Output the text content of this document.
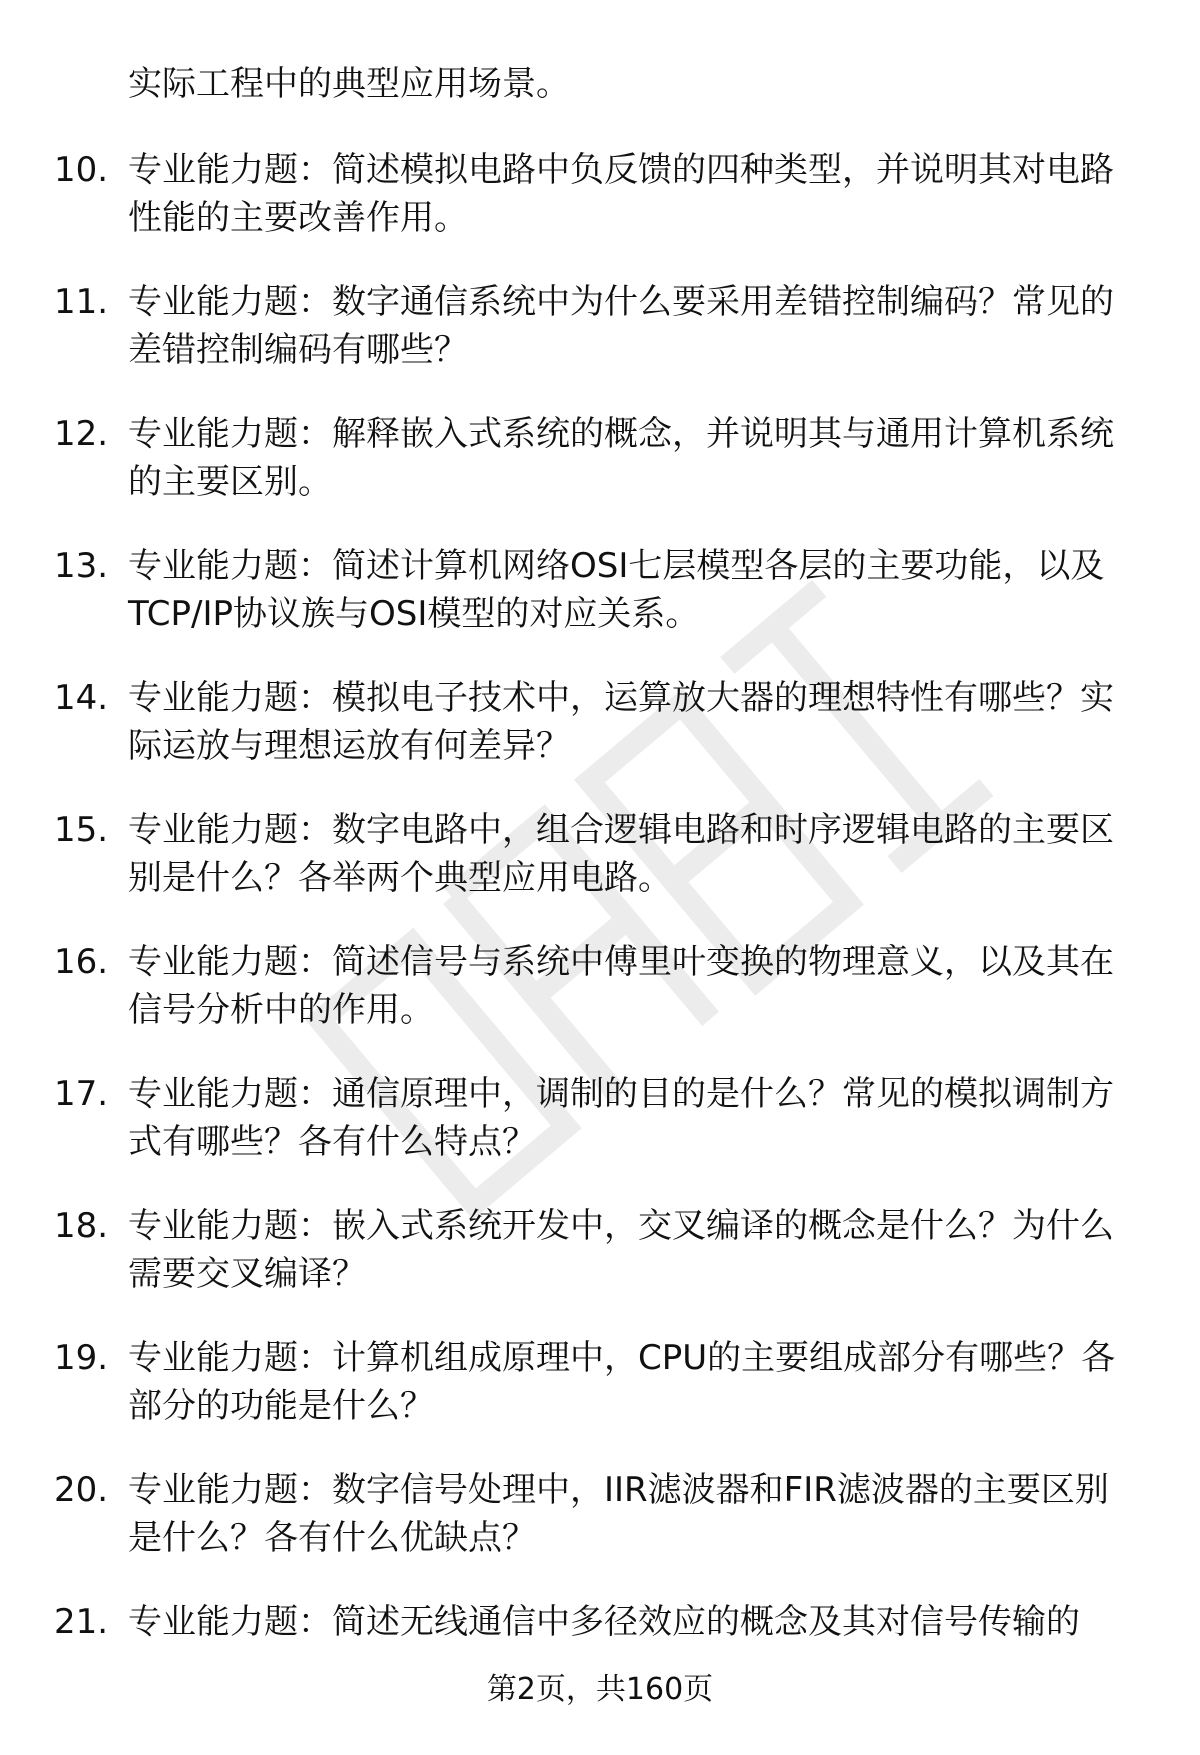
实际工程中的典型应用场景。
10. 专业能力题：简述模拟电路中负反馈的四种类型，并说明其对电路性能的主要改善作用。
11. 专业能力题：数字通信系统中为什么要采用差错控制编码？常见的差错控制编码有哪些？
12. 专业能力题：解释嵌入式系统的概念，并说明其与通用计算机系统的主要区别。
13. 专业能力题：简述计算机网络OSI七层模型各层的主要功能，以及TCP/IP协议族与OSI模型的对应关系。
14. 专业能力题：模拟电子技术中，运算放大器的理想特性有哪些？实际运放与理想运放有何差异？
15. 专业能力题：数字电路中，组合逻辑电路和时序逻辑电路的主要区别是什么？各举两个典型应用电路。
16. 专业能力题：简述信号与系统中傅里叶变换的物理意义，以及其在信号分析中的作用。
17. 专业能力题：通信原理中，调制的目的是什么？常见的模拟调制方式有哪些？各有什么特点？
18. 专业能力题：嵌入式系统开发中，交叉编译的概念是什么？为什么需要交叉编译？
19. 专业能力题：计算机组成原理中，CPU的主要组成部分有哪些？各部分的功能是什么？
20. 专业能力题：数字信号处理中，IIR滤波器和FIR滤波器的主要区别是什么？各有什么优缺点？
21. 专业能力题：简述无线通信中多径效应的概念及其对信号传输的
第2页，共160页
